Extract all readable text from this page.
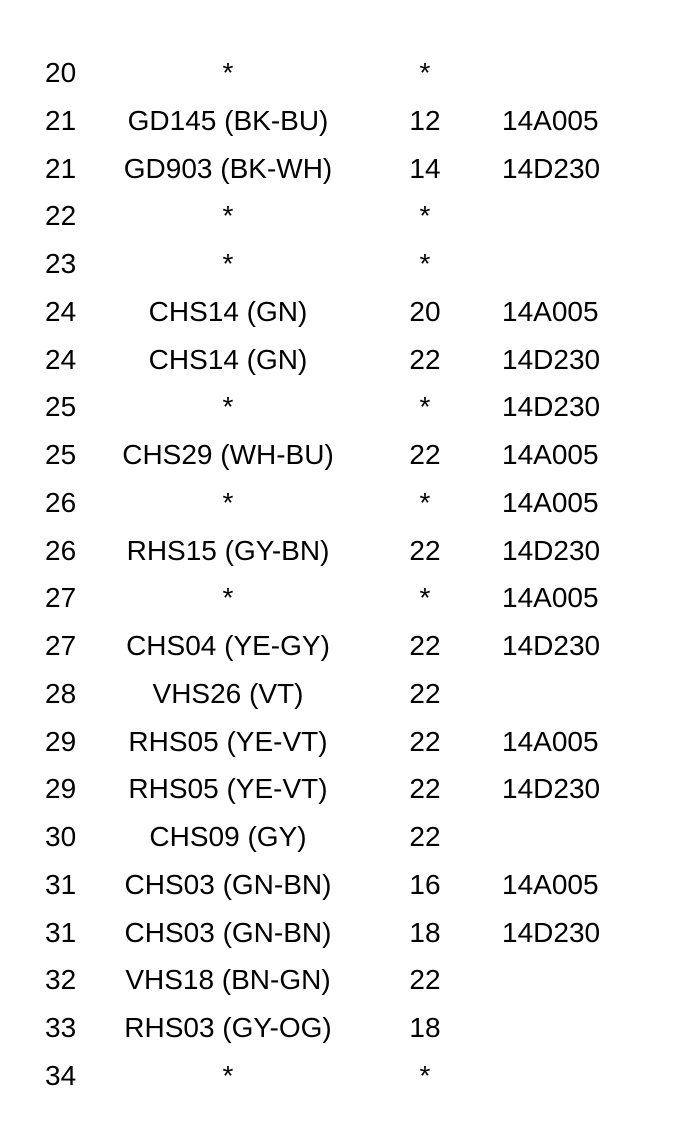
20	*	*
21	GD145 (BK-BU)	12	14A005
21	GD903 (BK-WH)	14	14D230
22	*	*
23	*	*
24	CHS14 (GN)	20	14A005
24	CHS14 (GN)	22	14D230
25	*	*	14D230
25	CHS29 (WH-BU)	22	14A005
26	*	*	14A005
26	RHS15 (GY-BN)	22	14D230
27	*	*	14A005
27	CHS04 (YE-GY)	22	14D230
28	VHS26 (VT)	22
29	RHS05 (YE-VT)	22	14A005
29	RHS05 (YE-VT)	22	14D230
30	CHS09 (GY)	22
31	CHS03 (GN-BN)	16	14A005
31	CHS03 (GN-BN)	18	14D230
32	VHS18 (BN-GN)	22
33	RHS03 (GY-OG)	18
34	*	*
